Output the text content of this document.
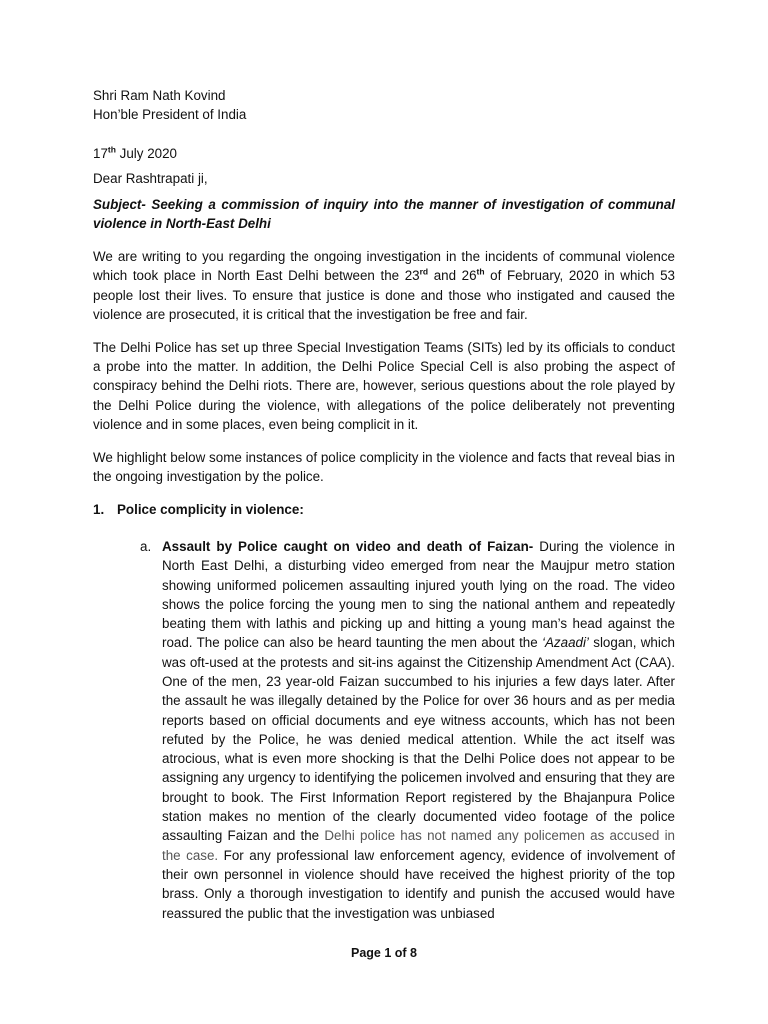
Shri Ram Nath Kovind

Hon’ble President of India

17th July 2020

Dear Rashtrapati ji,

Subject- Seeking a commission of inquiry into the manner of investigation of communal violence in North-East Delhi

We are writing to you regarding the ongoing investigation in the incidents of communal violence which took place in North East Delhi between the 23rd and 26th of February, 2020 in which 53 people lost their lives. To ensure that justice is done and those who instigated and caused the violence are prosecuted, it is critical that the investigation be free and fair.

The Delhi Police has set up three Special Investigation Teams (SITs) led by its officials to conduct a probe into the matter. In addition, the Delhi Police Special Cell is also probing the aspect of conspiracy behind the Delhi riots. There are, however, serious questions about the role played by the Delhi Police during the violence, with allegations of the police deliberately not preventing violence and in some places, even being complicit in it.

We highlight below some instances of police complicity in the violence and facts that reveal bias in the ongoing investigation by the police.

1. Police complicity in violence:
a. Assault by Police caught on video and death of Faizan- During the violence in North East Delhi, a disturbing video emerged from near the Maujpur metro station showing uniformed policemen assaulting injured youth lying on the road. The video shows the police forcing the young men to sing the national anthem and repeatedly beating them with lathis and picking up and hitting a young man’s head against the road. The police can also be heard taunting the men about the ‘Azaadi’ slogan, which was oft-used at the protests and sit-ins against the Citizenship Amendment Act (CAA). One of the men, 23 year-old Faizan succumbed to his injuries a few days later. After the assault he was illegally detained by the Police for over 36 hours and as per media reports based on official documents and eye witness accounts, which has not been refuted by the Police, he was denied medical attention. While the act itself was atrocious, what is even more shocking is that the Delhi Police does not appear to be assigning any urgency to identifying the policemen involved and ensuring that they are brought to book. The First Information Report registered by the Bhajanpura Police station makes no mention of the clearly documented video footage of the police assaulting Faizan and the Delhi police has not named any policemen as accused in the case. For any professional law enforcement agency, evidence of involvement of their own personnel in violence should have received the highest priority of the top brass. Only a thorough investigation to identify and punish the accused would have reassured the public that the investigation was unbiased

Page 1 of 8
